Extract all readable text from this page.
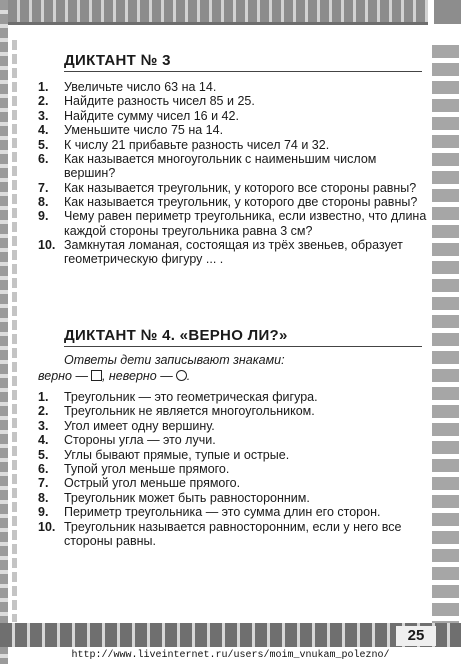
ДИКТАНТ № 3
1. Увеличьте число 63 на 14.
2. Найдите разность чисел 85 и 25.
3. Найдите сумму чисел 16 и 42.
4. Уменьшите число 75 на 14.
5. К числу 21 прибавьте разность чисел 74 и 32.
6. Как называется многоугольник с наименьшим числом вершин?
7. Как называется треугольник, у которого все стороны равны?
8. Как называется треугольник, у которого две стороны равны?
9. Чему равен периметр треугольника, если известно, что длина каждой стороны треугольника равна 3 см?
10. Замкнутая ломаная, состоящая из трёх звеньев, образует геометрическую фигуру ... .
ДИКТАНТ № 4. «ВЕРНО ЛИ?»
Ответы дети записывают знаками:
верно — , неверно — .
1. Треугольник — это геометрическая фигура.
2. Треугольник не является многоугольником.
3. Угол имеет одну вершину.
4. Стороны угла — это лучи.
5. Углы бывают прямые, тупые и острые.
6. Тупой угол меньше прямого.
7. Острый угол меньше прямого.
8. Треугольник может быть равносторонним.
9. Периметр треугольника — это сумма длин его сторон.
10. Треугольник называется равносторонним, если у него все стороны равны.
25
http://www.liveinternet.ru/users/moim_vnukam_polezno/
